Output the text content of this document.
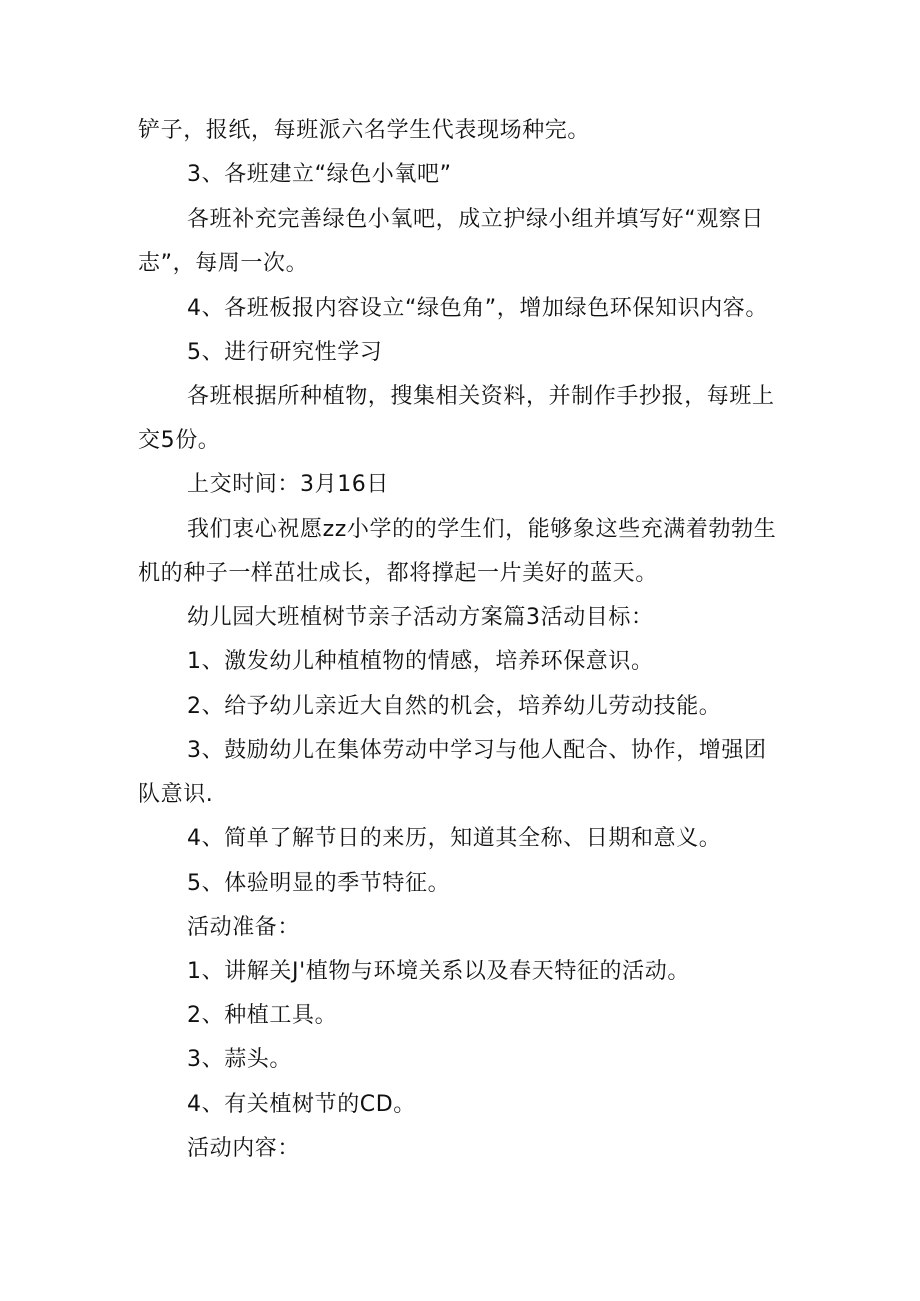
铲子，报纸，每班派六名学生代表现场种完。
3、各班建立“绿色小氧吧”
各班补充完善绿色小氧吧，成立护绿小组并填写好“观察日
志”，每周一次。
4、各班板报内容设立“绿色角”，增加绿色环保知识内容。
5、进行研究性学习
各班根据所种植物，搜集相关资料，并制作手抄报，每班上
交5份。
上交时间：3月16日
我们衷心祝愿zz小学的的学生们，能够象这些充满着勃勃生
机的种子一样茁壮成长，都将撑起一片美好的蓝天。
幼儿园大班植树节亲子活动方案篇3活动目标：
1、激发幼儿种植植物的情感，培养环保意识。
2、给予幼儿亲近大自然的机会，培养幼儿劳动技能。
3、鼓励幼儿在集体劳动中学习与他人配合、协作，增强团
队意识.
4、简单了解节日的来历，知道其全称、日期和意义。
5、体验明显的季节特征。
活动准备：
1、讲解关J'植物与环境关系以及春天特征的活动。
2、种植工具。
3、蒜头。
4、有关植树节的CD。
活动内容：
